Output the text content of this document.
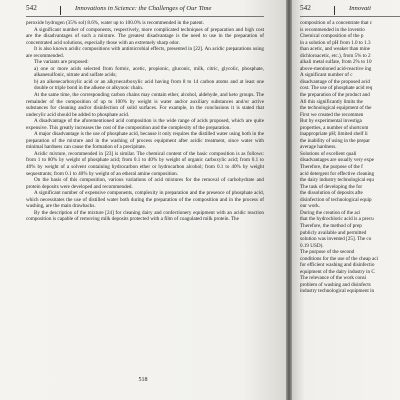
542	Innovations in Science: the Challenges of Our Time

peroxide hydrogen (35% sol) 8.6%, water up to 100.0% is recommended in the patent.

A significant number of components, respectively, more complicated techniques of preparation and high cost are the disadvantages of such a mixture. The greatest disadvantage is the need to use in the preparation of concentrated acid solutions, especially those with an extremely sharp odor.

It is also known acidic compositions with antimicrobial effects, presented in [22]. An acidic preparations using are recommended.

The variants are proposed:

a) one or more acids selected from formic, acetic, propionic, gluconic, milk, citric, glycolic, phosphate, alkanesulfonic, nitrate and sulfate acids;

b) an alkenecarboxylic acid or an alkynecarboxylic acid having from 8 to 14 carbon atoms and at least one double or triple bond in the alkene or alkynoic chain.

At the same time, the corresponding carbon chains may contain ether, alcohol, aldehyde, and keto groups. The remainder of the composition of up to 100% by weight is water and/or auxiliary substances and/or active substances for cleaning and/or disinfection of solid surfaces. For example, in the conclusions it is stated that undecylic acid should be added to phosphate acid.

A disadvantage of the aforementioned acid composition is the wide range of acids proposed, which are quite expensive. This greatly increases the cost of the composition and the complexity of the preparation.

A major disadvantage is the use of phosphate acid, because it only requires the distilled water using both in the preparation of the mixture and in the washing of process equipment after acidic treatment, since water with minimal hardness can cause the formation of a precipitate.

Acidic mixture, recommended in [23] is similar. The chemical content of the basic composition is as follows: from 1 to 80% by weight of phosphate acid; from 0.1 to 40% by weight of organic carboxylic acid; from 0.1 to 40% by weight of a solvent containing hydrocarbon ether or hydrocarbon alcohol; from 0.1 to 40% by weight sequestrants; from 0.1 to 40% by weight of an etheral amine composition.

On the basis of this composition, various variations of acid mixtures for the removal of carbohydrate and protein deposits were developed and recommended.

A significant number of expensive components, complexity in preparation and the presence of phosphate acid, which necessitates the use of distilled water both during the preparation of the composition and in the process of washing, are the main drawbacks.

By the description of the mixture [24] for cleaning dairy and confectionery equipment with an acidic reaction composition is capable of removing milk deposits protected with a film of coagulated milk protein. The

518
542	Innovati

composition of a concentrate that c

is recommended in the inventio

Chemical composition of the p

in a solution of pH from 1.0 to 1.3

than acetic, and weaker than mine

dichloroacetic, etc.), from 5% to 2

alkali metal sulfate, from 2% to 10

above-mentioned acid-reactive ing

A significant number of c

disadvantage of the proposed acid

cost. The use of phosphate acid req

the preparation of the product and

All this significantly limits the

the technological equipment of the

First we created the recommen

But by experimental investiga

properties, a number of shortcom

inappropriate pH; limited shelf li

the inability of using in the prepar

average hardness.

Solutions of excellent quali

disadvantages are usually very expe

Therefore, the purpose of the f

acid detergent for effective cleaning

the dairy industry technological equ

The task of developing the for

the dissolution of deposits afte

disinfection of technological equip

our work.

During the creation of the aci

that the hydrochloric acid is a precu

Therefore, the method of prep

publicly available and permitted

solution was invented [25]. The co

0.19 USD).

The purpose of the second

conditions for the use of the cheap aci

for efficient washing and disinfectio

equipment of the dairy industry in C

The relevance of the work consi

problem of washing and disinfects

industry technological equipment in
